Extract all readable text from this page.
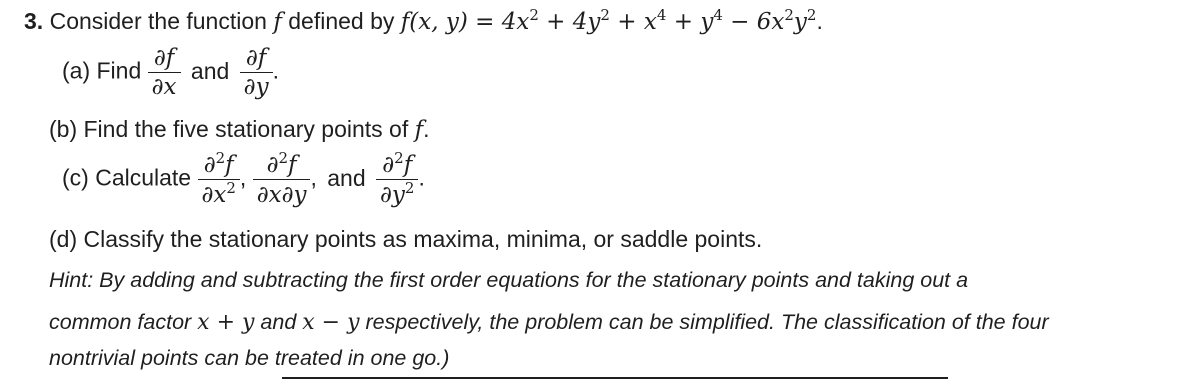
3. Consider the function f defined by f(x, $y) = 4x^2 + 4y^2 + x^4 + y^4 - 6x^2y^2$.
(a) Find $\frac{\partial f}{\partial x}$ and $\frac{\partial f}{\partial y}$ .
(b) Find the five stationary points of f.
(c) Calculate $\frac{\partial^2f}{\partial x^2}$ , $\frac{\partial^2f}{\partial x\partial y}$ , and $\frac{\partial^2f}{\partial y^2}$ .
(d) Classify the stationary points as maxima, minima, or saddle points.
Hint: By adding and subtracting the first order equations for the stationary points and taking out a
common factor x + y and x − y respectively, the problem can be simplified. The classification of the four
nontrivial points can be treated in one go.)
